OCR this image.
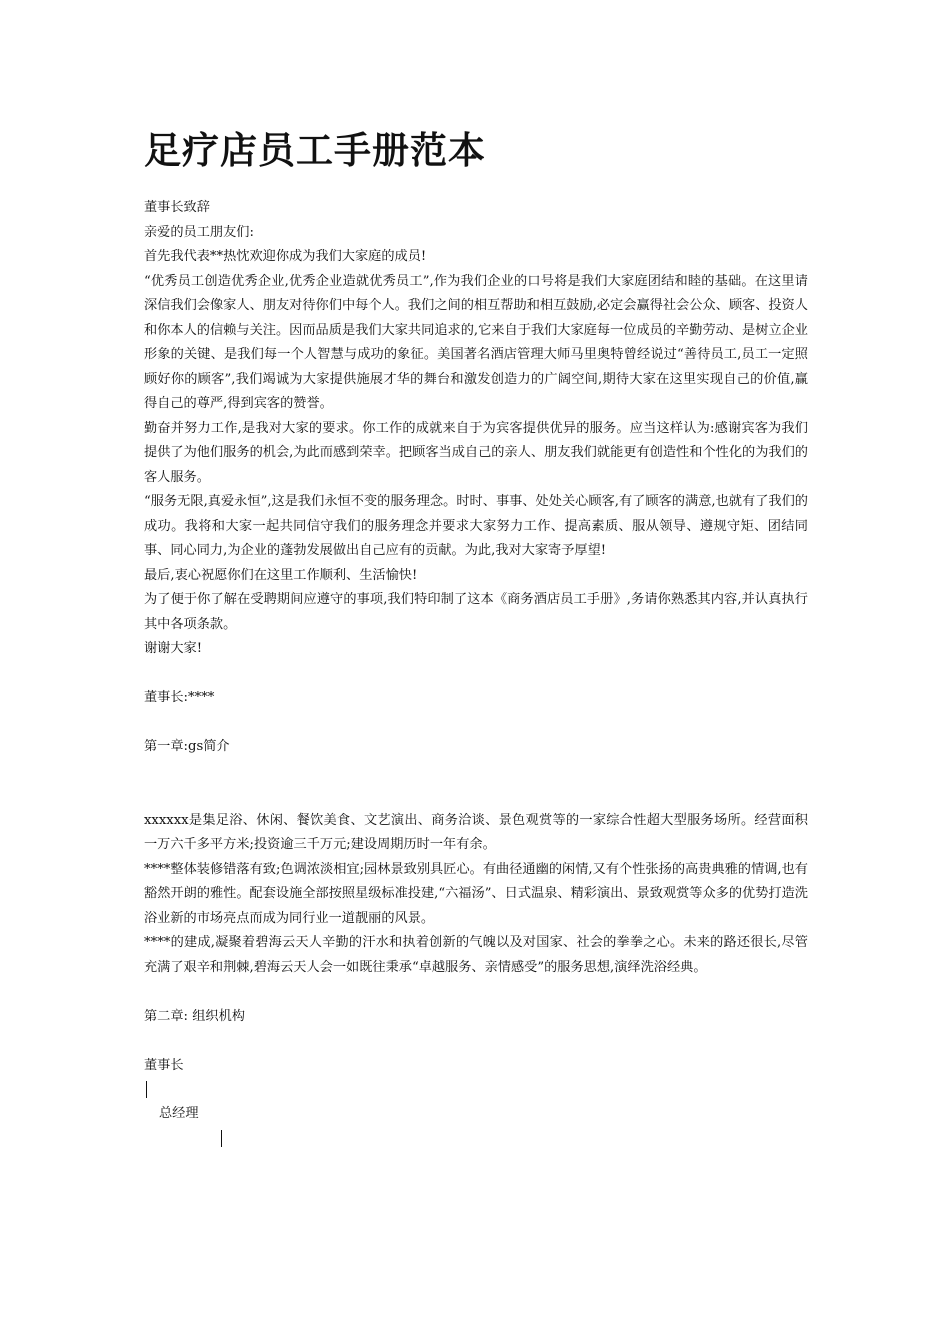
足疗店员工手册范本

董事长致辞

亲爱的员工朋友们:

首先我代表**热忱欢迎你成为我们大家庭的成员!

“优秀员工创造优秀企业,优秀企业造就优秀员工”,作为我们企业的口号将是我们大家庭团结和睦的基础。在这里请深信我们会像家人、朋友对待你们中每个人。我们之间的相互帮助和相互鼓励,必定会赢得社会公众、顾客、投资人和你本人的信赖与关注。因而品质是我们大家共同追求的,它来自于我们大家庭每一位成员的辛勤劳动、是树立企业形象的关键、是我们每一个人智慧与成功的象征。美国著名酒店管理大师马里奥特曾经说过“善待员工,员工一定照顾好你的顾客”,我们竭诚为大家提供施展才华的舞台和激发创造力的广阔空间,期待大家在这里实现自己的价值,赢得自己的尊严,得到宾客的赞誉。

勤奋并努力工作,是我对大家的要求。你工作的成就来自于为宾客提供优异的服务。应当这样认为:感谢宾客为我们提供了为他们服务的机会,为此而感到荣幸。把顾客当成自己的亲人、朋友我们就能更有创造性和个性化的为我们的客人服务。

“服务无限,真爱永恒”,这是我们永恒不变的服务理念。时时、事事、处处关心顾客,有了顾客的满意,也就有了我们的成功。我将和大家一起共同信守我们的服务理念并要求大家努力工作、提高素质、服从领导、遵规守矩、团结同事、同心同力,为企业的蓬勃发展做出自己应有的贡献。为此,我对大家寄予厚望!

最后,衷心祝愿你们在这里工作顺利、生活愉快!

为了便于你了解在受聘期间应遵守的事项,我们特印制了这本《商务酒店员工手册》,务请你熟悉其内容,并认真执行其中各项条款。

谢谢大家!

董事长:****

第一章:gs简介

xxxxxx是集足浴、休闲、餐饮美食、文艺演出、商务洽谈、景色观赏等的一家综合性超大型服务场所。经营面积一万六千多平方米;投资逾三千万元;建设周期历时一年有余。

****整体装修错落有致;色调浓淡相宜;园林景致别具匠心。有曲径通幽的闲情,又有个性张扬的高贵典雅的情调,也有豁然开朗的雅性。配套设施全部按照星级标准投建,“六福汤”、日式温泉、精彩演出、景致观赏等众多的优势打造洗浴业新的市场亮点而成为同行业一道靓丽的风景。

****的建成,凝聚着碧海云天人辛勤的汗水和执着创新的气魄以及对国家、社会的拳拳之心。未来的路还很长,尽管充满了艰辛和荆棘,碧海云天人会一如既往秉承“卓越服务、亲情感受”的服务思想,演绎洗浴经典。

第二章: 组织机构

董事长

总经理
